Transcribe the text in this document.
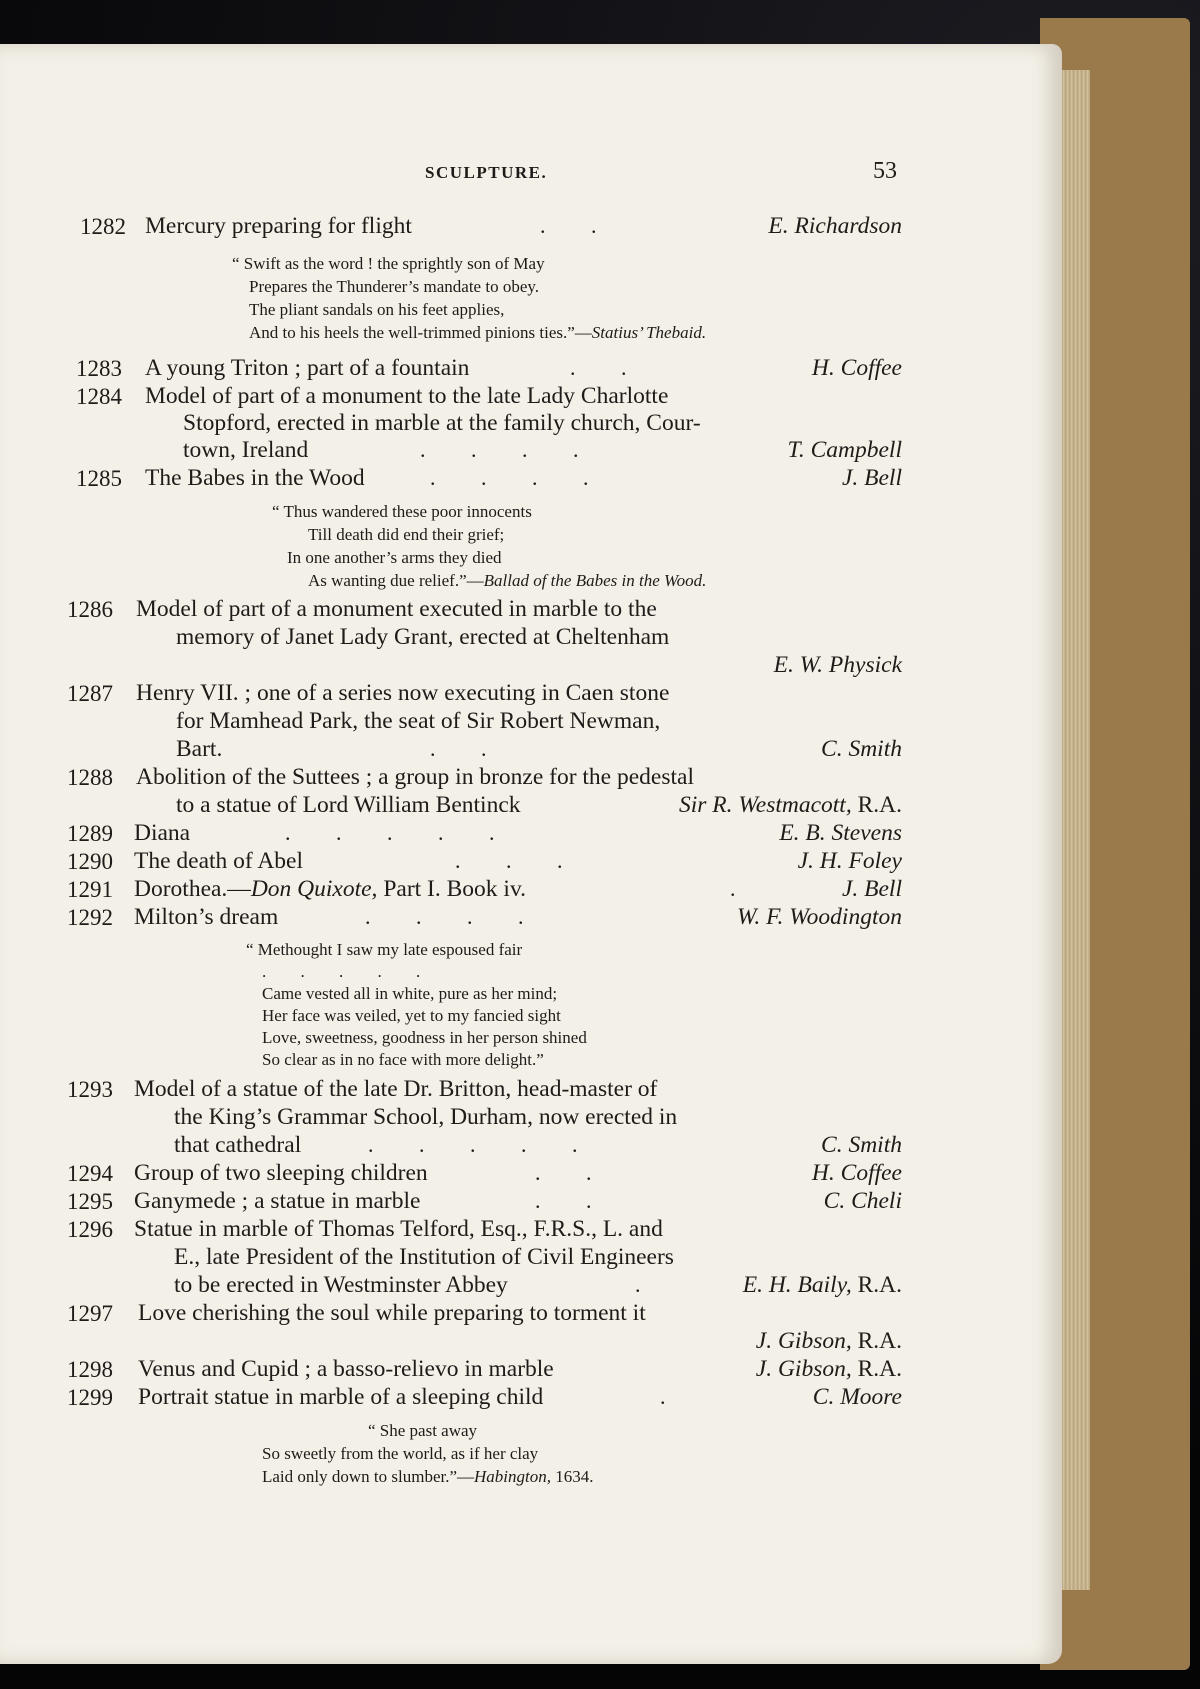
SCULPTURE.	53
1282 Mercury preparing for flight	. .	E. Richardson
“ Swift as the word ! the sprightly son of May
Prepares the Thunderer’s mandate to obey.
The pliant sandals on his feet applies,
And to his heels the well-trimmed pinions ties.”—Statius’ Thebaid.
1283 A young Triton ; part of a fountain	. .	H. Coffee
1284 Model of part of a monument to the late Lady Charlotte
Stopford, erected in marble at the family church, Cour-
town, Ireland	. . . .	T. Campbell
1285 The Babes in the Wood	. . . .	J. Bell
“ Thus wandered these poor innocents
Till death did end their grief;
In one another’s arms they died
As wanting due relief.”—Ballad of the Babes in the Wood.
1286 Model of part of a monument executed in marble to the
memory of Janet Lady Grant, erected at Cheltenham
E. W. Physick
1287 Henry VII. ; one of a series now executing in Caen stone
for Mamhead Park, the seat of Sir Robert Newman,
Bart.	. .	C. Smith
1288 Abolition of the Suttees ; a group in bronze for the pedestal
to a statue of Lord William Bentinck	Sir R. Westmacott, R.A.
1289 Diana	. . . . .	E. B. Stevens
1290 The death of Abel	. . .	J. H. Foley
1291 Dorothea.—Don Quixote, Part I. Book iv.	.	J. Bell
1292 Milton’s dream	. . . .	W. F. Woodington
“ Methought I saw my late espoused fair
. . . . .
Came vested all in white, pure as her mind;
Her face was veiled, yet to my fancied sight
Love, sweetness, goodness in her person shined
So clear as in no face with more delight.”
1293 Model of a statue of the late Dr. Britton, head-master of
the King’s Grammar School, Durham, now erected in
that cathedral	. . . . .	C. Smith
1294 Group of two sleeping children	. .	H. Coffee
1295 Ganymede ; a statue in marble	. .	C. Cheli
1296 Statue in marble of Thomas Telford, Esq., F.R.S., L. and
E., late President of the Institution of Civil Engineers
to be erected in Westminster Abbey	.	E. H. Baily, R.A.
1297 Love cherishing the soul while preparing to torment it
J. Gibson, R.A.
1298 Venus and Cupid ; a basso-relievo in marble	J. Gibson, R.A.
1299 Portrait statue in marble of a sleeping child	.	C. Moore
“ She past away
So sweetly from the world, as if her clay
Laid only down to slumber.”—Habington, 1634.
